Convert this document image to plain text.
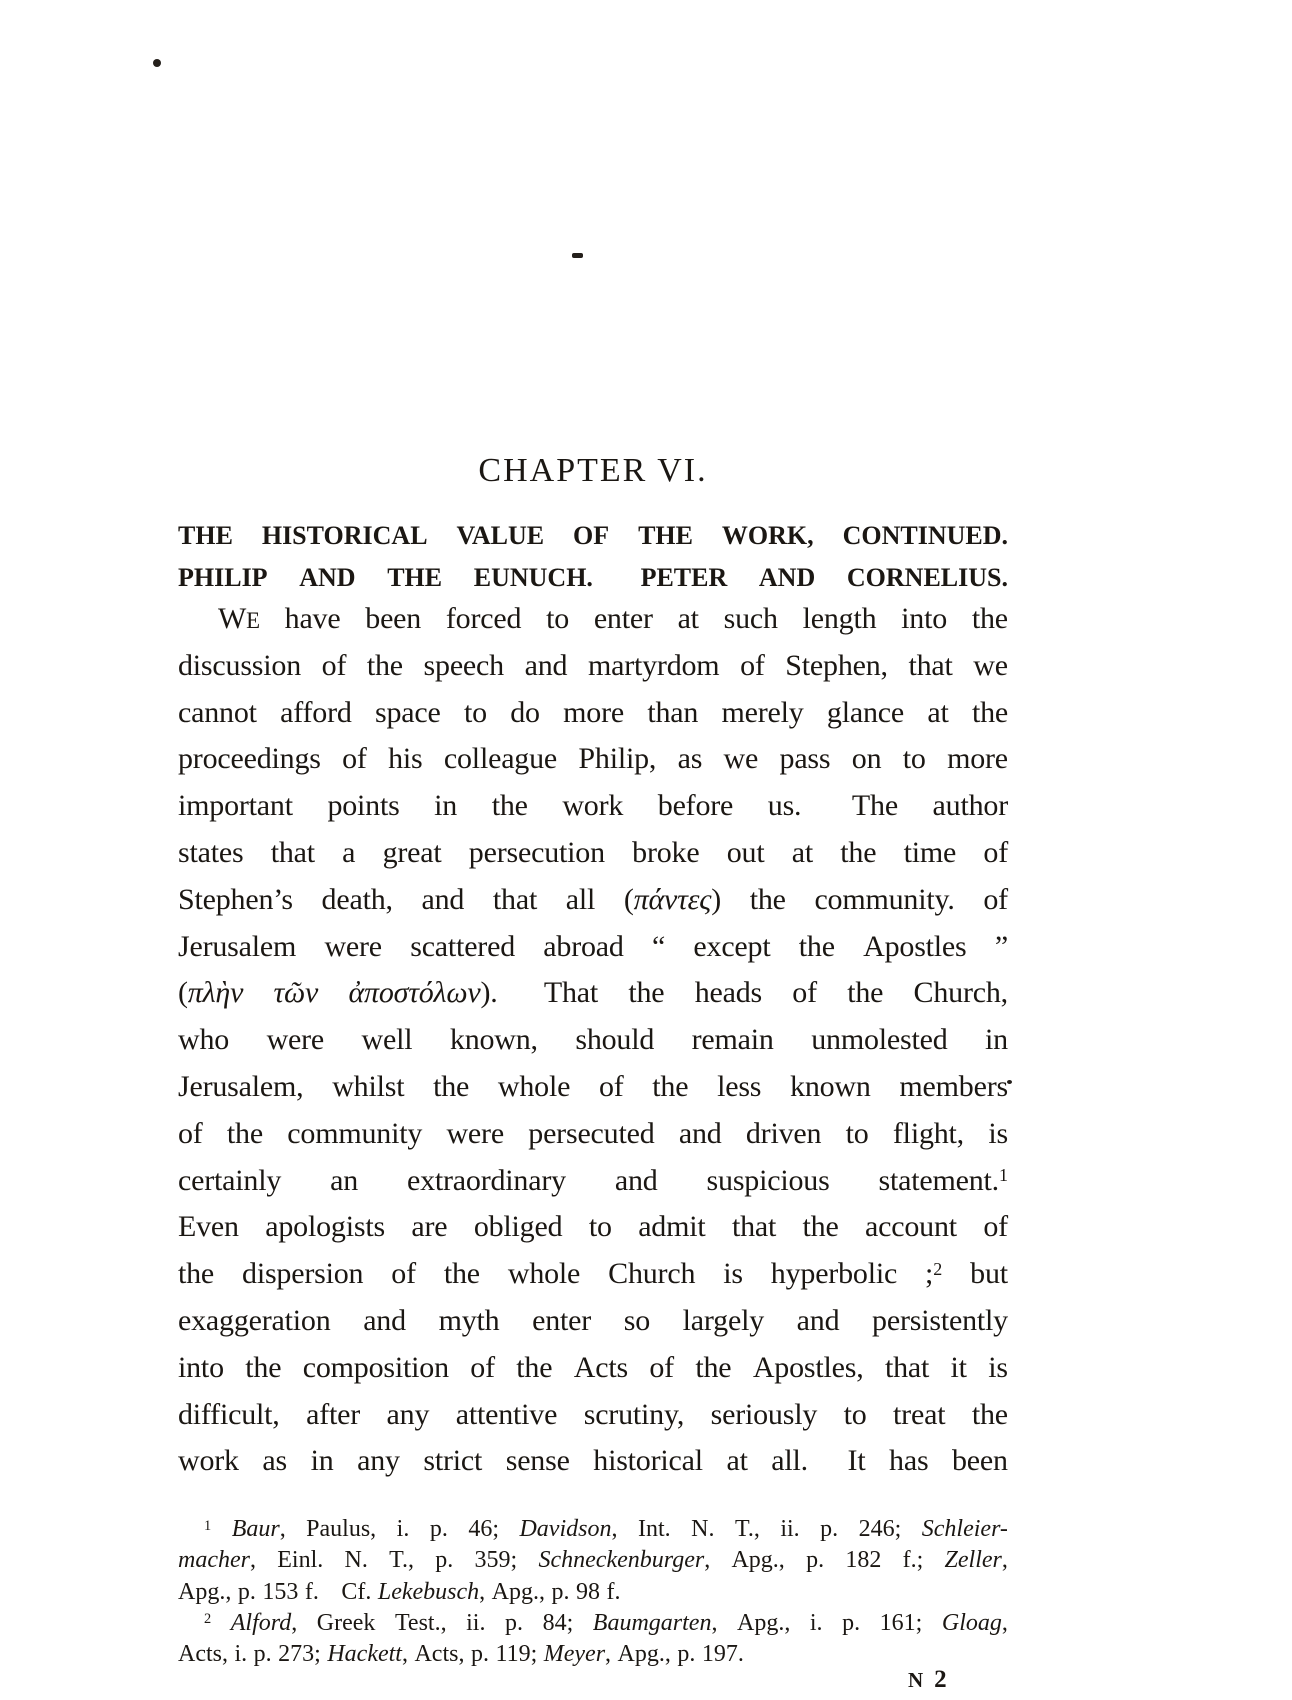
CHAPTER VI.
THE HISTORICAL VALUE OF THE WORK, CONTINUED.
PHILIP AND THE EUNUCH. PETER AND CORNELIUS.
WE have been forced to enter at such length into the
discussion of the speech and martyrdom of Stephen, that we
cannot afford space to do more than merely glance at the
proceedings of his colleague Philip, as we pass on to more
important points in the work before us. The author
states that a great persecution broke out at the time of
Stephen’s death, and that all (πάντες) the community. of
Jerusalem were scattered abroad “ except the Apostles ”
(πλὴν τῶν ἀποστόλων). That the heads of the Church,
who were well known, should remain unmolested in
Jerusalem, whilst the whole of the less known members
of the community were persecuted and driven to flight, is
certainly an extraordinary and suspicious statement.$^1$
Even apologists are obliged to admit that the account of
the dispersion of the whole Church is hyperbolic ;$^2$ but
exaggeration and myth enter so largely and persistently
into the composition of the Acts of the Apostles, that it is
difficult, after any attentive scrutiny, seriously to treat the
work as in any strict sense historical at all. It has been
$^1$ Baur, Paulus, i. p. 46; Davidson, Int. N. T., ii. p. 246; Schleier-
macher, Einl. N. T., p. 359; Schneckenburger, Apg., p. 182 f.; Zeller,
Apg., p. 153 f. Cf. Lekebusch, Apg., p. 98 f.
$^2$ Alford, Greek Test., ii. p. 84; Baumgarten, Apg., i. p. 161; Gloag,
Acts, i. p. 273; Hackett, Acts, p. 119; Meyer, Apg., p. 197.
N 2
